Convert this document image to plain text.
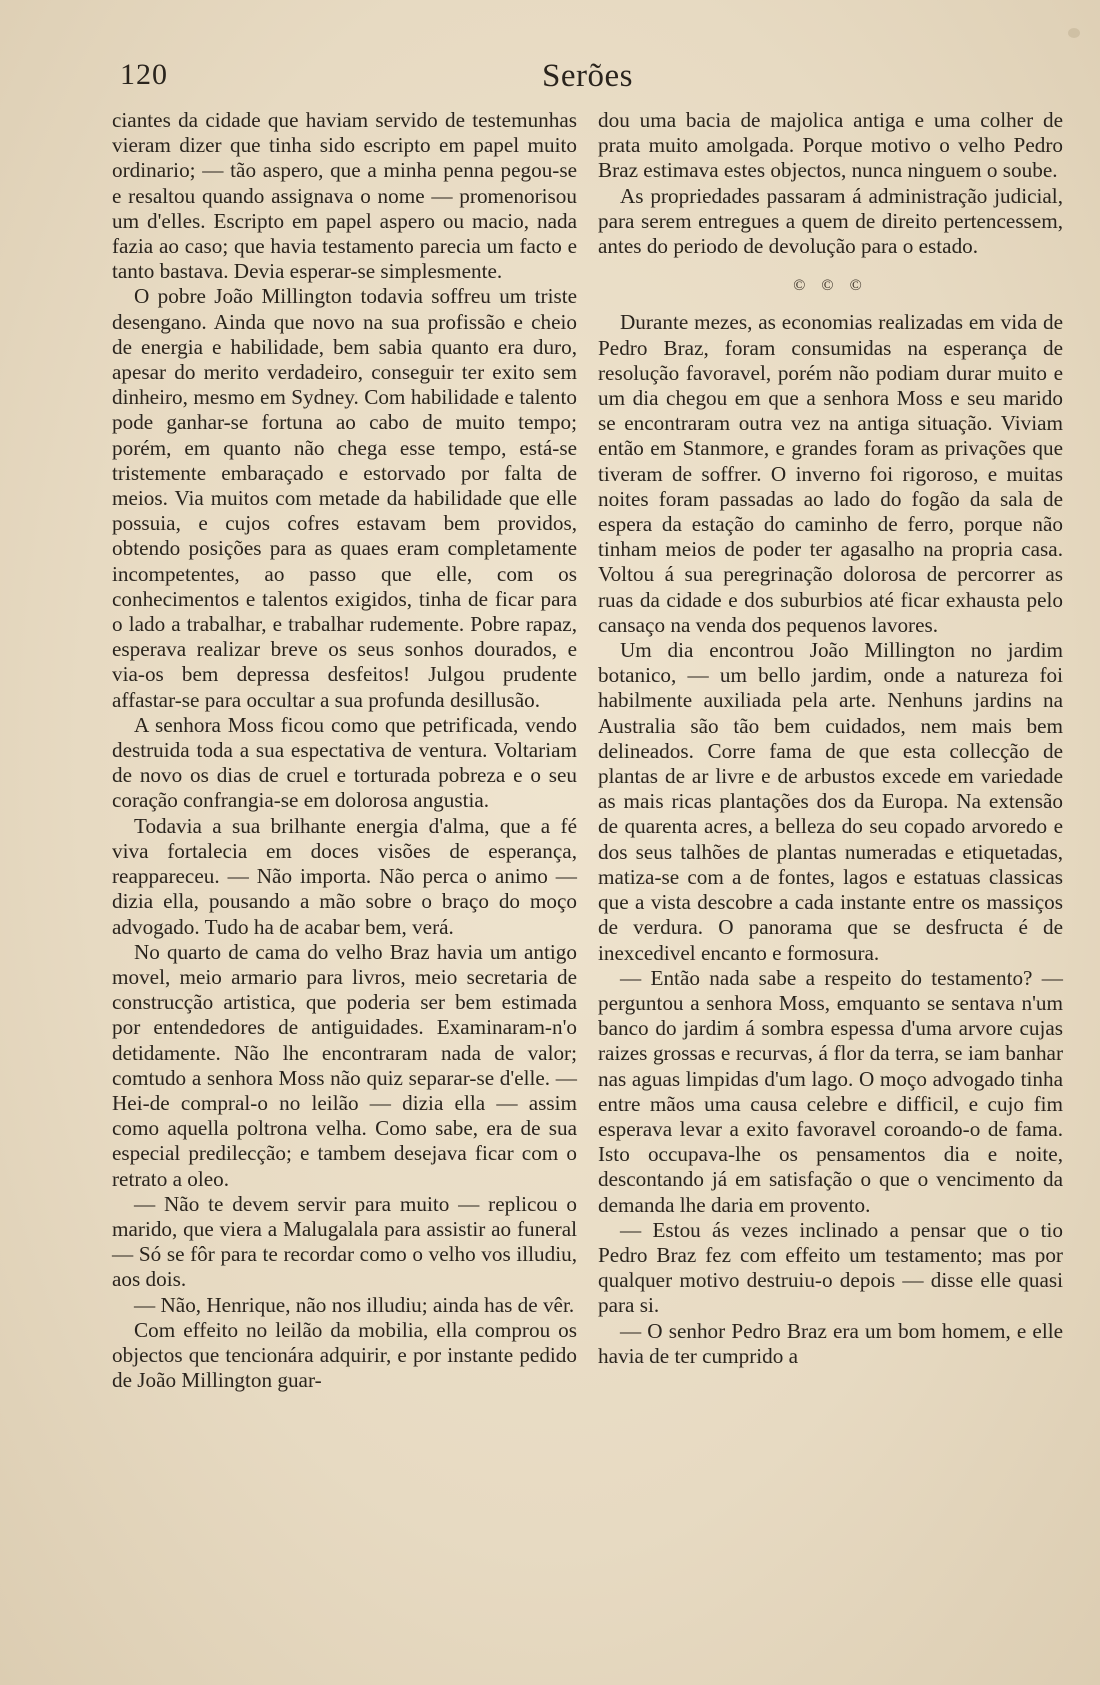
120	Serões

ciantes da cidade que haviam servido de testemunhas vieram dizer que tinha sido escripto em papel muito ordinario; — tão aspero, que a minha penna pegou-se e resaltou quando assignava o nome — promenorisou um d'elles. Escripto em papel aspero ou macio, nada fazia ao caso; que havia testamento parecia um facto e tanto bastava. Devia esperar-se simplesmente.

O pobre João Millington todavia soffreu um triste desengano. Ainda que novo na sua profissão e cheio de energia e habilidade, bem sabia quanto era duro, apesar do merito verdadeiro, conseguir ter exito sem dinheiro, mesmo em Sydney. Com habilidade e talento pode ganhar-se fortuna ao cabo de muito tempo; porém, em quanto não chega esse tempo, está-se tristemente embaraçado e estorvado por falta de meios. Via muitos com metade da habilidade que elle possuia, e cujos cofres estavam bem providos, obtendo posições para as quaes eram completamente incompetentes, ao passo que elle, com os conhecimentos e talentos exigidos, tinha de ficar para o lado a trabalhar, e trabalhar rudemente. Pobre rapaz, esperava realizar breve os seus sonhos dourados, e via-os bem depressa desfeitos! Julgou prudente affastar-se para occultar a sua profunda desillusão.

A senhora Moss ficou como que petrificada, vendo destruida toda a sua espectativa de ventura. Voltariam de novo os dias de cruel e torturada pobreza e o seu coração confrangia-se em dolorosa angustia.

Todavia a sua brilhante energia d'alma, que a fé viva fortalecia em doces visões de esperança, reappareceu. — Não importa. Não perca o animo — dizia ella, pousando a mão sobre o braço do moço advogado. Tudo ha de acabar bem, verá.

No quarto de cama do velho Braz havia um antigo movel, meio armario para livros, meio secretaria de construcção artistica, que poderia ser bem estimada por entendedores de antiguidades. Examinaram-n'o detidamente. Não lhe encontraram nada de valor; comtudo a senhora Moss não quiz separar-se d'elle. — Hei-de compral-o no leilão — dizia ella — assim como aquella poltrona velha. Como sabe, era de sua especial predilecção; e tambem desejava ficar com o retrato a oleo.

— Não te devem servir para muito — replicou o marido, que viera a Malugalala para assistir ao funeral — Só se fôr para te recordar como o velho vos illudiu, aos dois.

— Não, Henrique, não nos illudiu; ainda has de vêr.

Com effeito no leilão da mobilia, ella comprou os objectos que tencionára adquirir, e por instante pedido de João Millington guar-

dou uma bacia de majolica antiga e uma colher de prata muito amolgada. Porque motivo o velho Pedro Braz estimava estes objectos, nunca ninguem o soube.

As propriedades passaram á administração judicial, para serem entregues a quem de direito pertencessem, antes do periodo de devolução para o estado.

© © ©

Durante mezes, as economias realizadas em vida de Pedro Braz, foram consumidas na esperança de resolução favoravel, porém não podiam durar muito e um dia chegou em que a senhora Moss e seu marido se encontraram outra vez na antiga situação. Viviam então em Stanmore, e grandes foram as privações que tiveram de soffrer. O inverno foi rigoroso, e muitas noites foram passadas ao lado do fogão da sala de espera da estação do caminho de ferro, porque não tinham meios de poder ter agasalho na propria casa. Voltou á sua peregrinação dolorosa de percorrer as ruas da cidade e dos suburbios até ficar exhausta pelo cansaço na venda dos pequenos lavores.

Um dia encontrou João Millington no jardim botanico, — um bello jardim, onde a natureza foi habilmente auxiliada pela arte. Nenhuns jardins na Australia são tão bem cuidados, nem mais bem delineados. Corre fama de que esta collecção de plantas de ar livre e de arbustos excede em variedade as mais ricas plantações dos da Europa. Na extensão de quarenta acres, a belleza do seu copado arvoredo e dos seus talhões de plantas numeradas e etiquetadas, matiza-se com a de fontes, lagos e estatuas classicas que a vista descobre a cada instante entre os massiços de verdura. O panorama que se desfructa é de inexcedivel encanto e formosura.

— Então nada sabe a respeito do testamento? — perguntou a senhora Moss, emquanto se sentava n'um banco do jardim á sombra espessa d'uma arvore cujas raizes grossas e recurvas, á flor da terra, se iam banhar nas aguas limpidas d'um lago. O moço advogado tinha entre mãos uma causa celebre e difficil, e cujo fim esperava levar a exito favoravel coroando-o de fama. Isto occupava-lhe os pensamentos dia e noite, descontando já em satisfação o que o vencimento da demanda lhe daria em provento.

— Estou ás vezes inclinado a pensar que o tio Pedro Braz fez com effeito um testamento; mas por qualquer motivo destruiu-o depois — disse elle quasi para si.

— O senhor Pedro Braz era um bom homem, e elle havia de ter cumprido a
